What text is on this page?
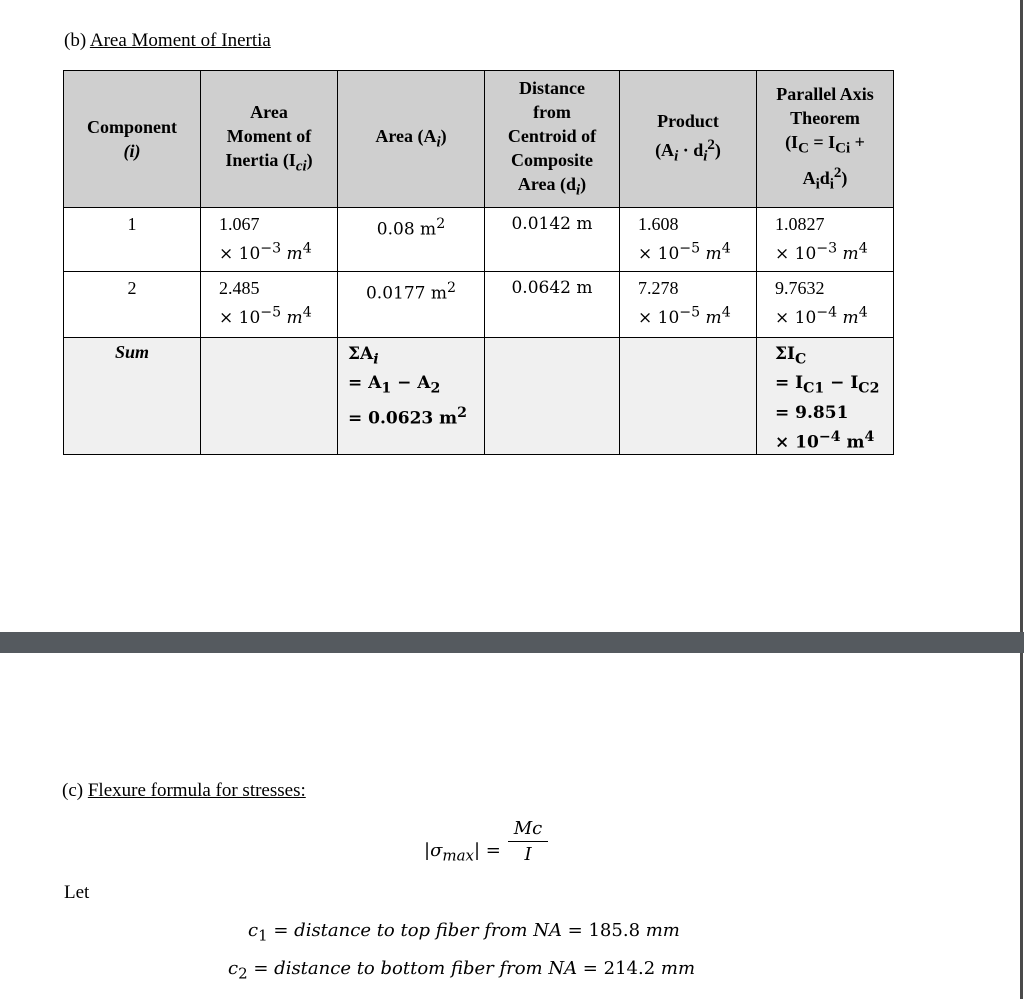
(b) Area Moment of Inertia
Component
(i)	Area
Moment of
Inertia $(I_{ci})$	Area $(A_i)$	Distance
from
Centroid of
Composite
Area $(d_i)$	Product
$(A_i \cdot d_i^2)$	Parallel Axis
Theorem
($I_C = I_{Ci}$ +
$A_id_i^2$)

1	1.067
× $10^{-3}$ $m^4$	0.08 $m^2$	0.0142 m	1.608
× $10^{-5}$ $m^4$	1.0827
× $10^{-3}$ $m^4$

2	2.485
× $10^{-5}$ $m^4$	0.0177 $m^2$	0.0642 m	7.278
× $10^{-5}$ $m^4$	9.7632
× $10^{-4}$ $m^4$

Sum		$\Sigma A_i$
= $A_1 - A_2$
= 0.0623 $m^2$			$\Sigma I_C$
= $I_{C1} - I_{C2}$
= 9.851
× $10^{-4}$ $m^4$
(c) Flexure formula for stresses:
$|\sigma_{max}|$ =
Mc
I
Let
$c_1$ = distance to top fiber from NA = 185.8 mm
$c_2$ = distance to bottom fiber from NA = 214.2 mm
